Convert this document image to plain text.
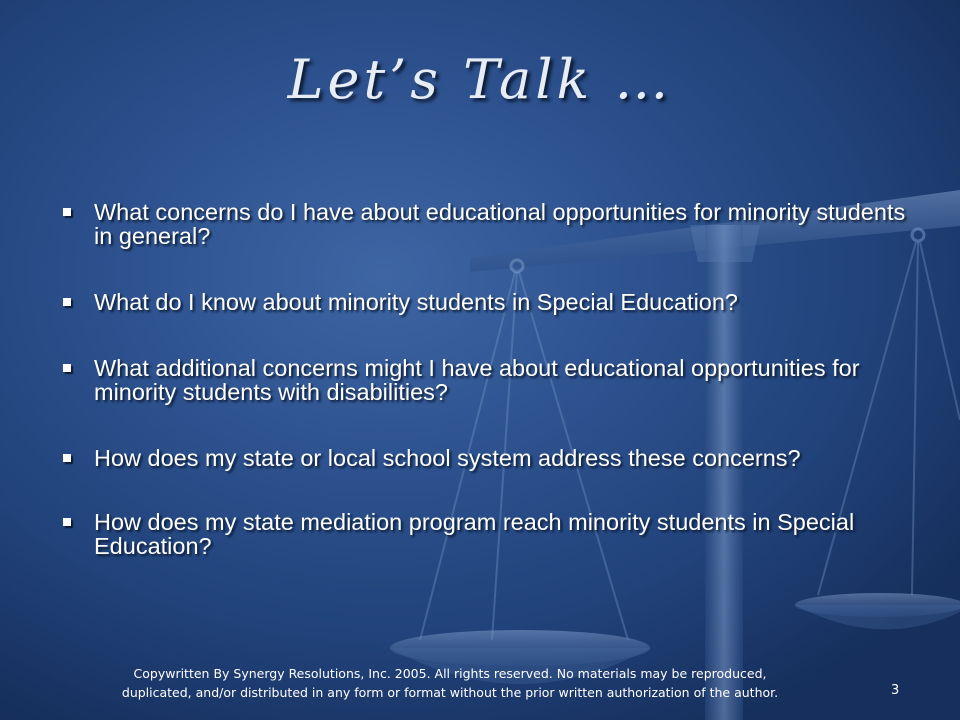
Let’s Talk …
What concerns do I have about educational opportunities for minority students in general?
What do I know about minority students in Special Education?
What additional concerns might I have about educational opportunities for minority students with disabilities?
How does my state or local school system address these concerns?
How does my state mediation program reach minority students in Special Education?
Copywritten By Synergy Resolutions, Inc. 2005. All rights reserved. No materials may be reproduced,
duplicated, and/or distributed in any form or format without the prior written authorization of the author.	3
